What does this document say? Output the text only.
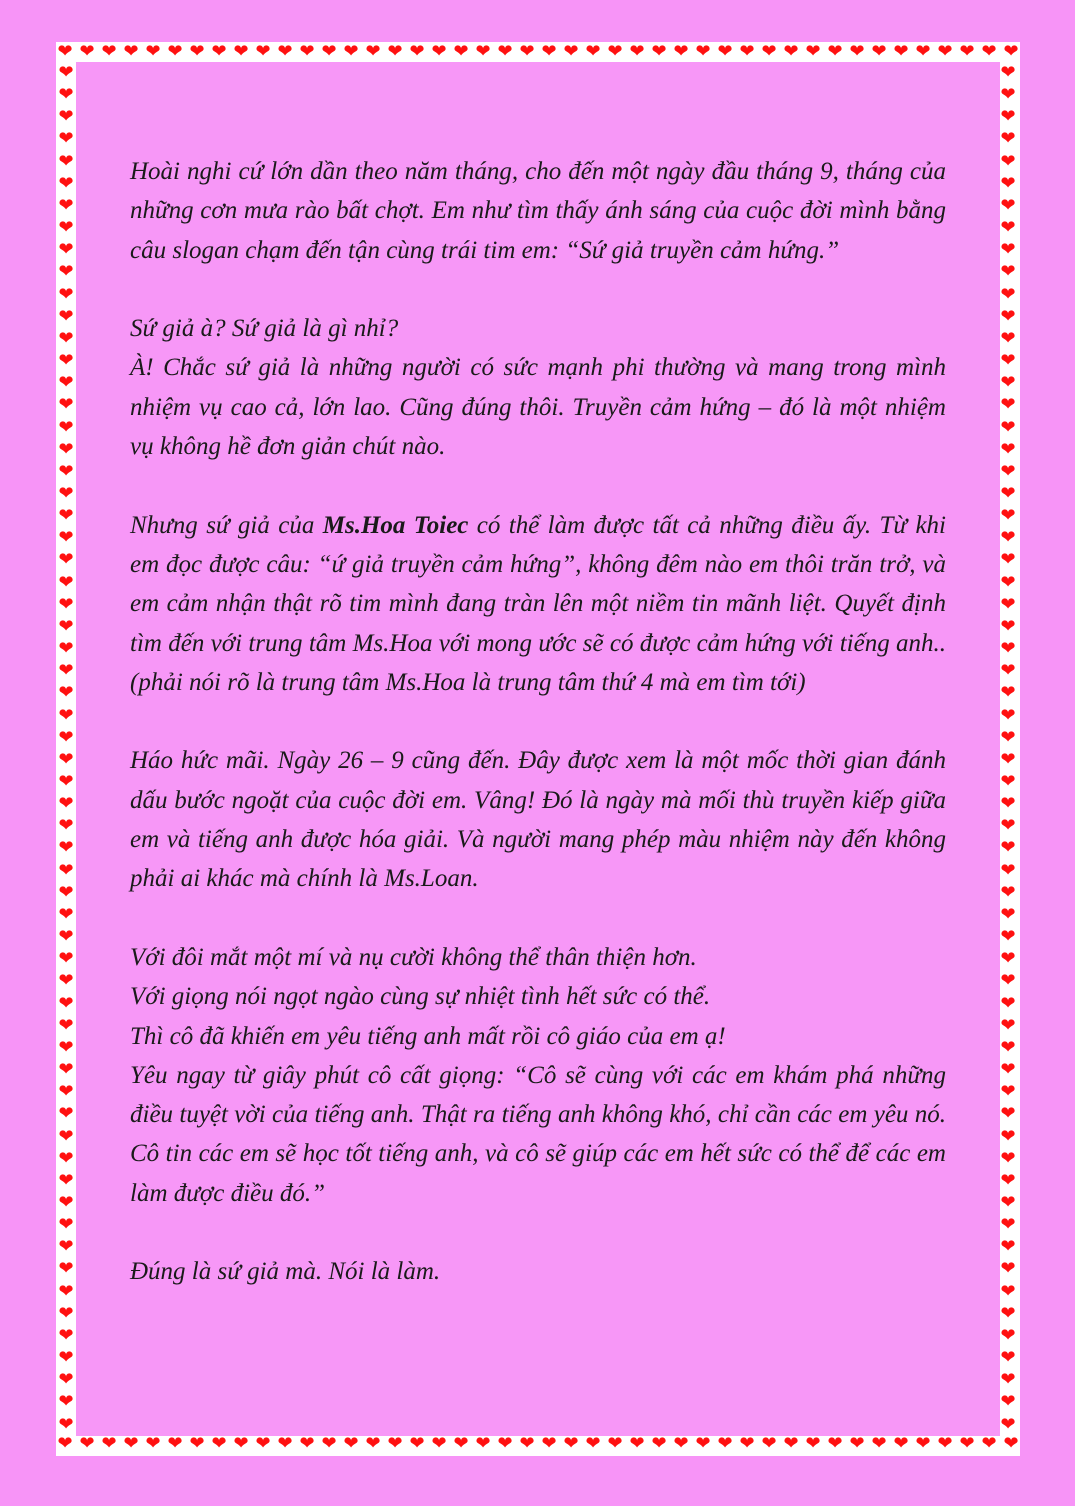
❤ ❤ ❤ ❤ ❤ ❤ ❤ ❤ ❤ ❤ ❤ ❤ ❤ ❤ ❤ ❤ ❤ ❤ ❤ ❤ ❤ ❤ ❤ ❤ ❤ ❤ ❤ ❤ ❤ ❤ ❤ ❤ ❤ ❤ ❤ ❤ ❤ ❤ ❤ ❤ ❤ ❤ ❤ ❤
❤ ❤ ❤ ❤ ❤ ❤ ❤ ❤ ❤ ❤ ❤ ❤ ❤ ❤ ❤ ❤ ❤ ❤ ❤ ❤ ❤ ❤ ❤ ❤ ❤ ❤ ❤ ❤ ❤ ❤ ❤ ❤ ❤ ❤ ❤ ❤ ❤ ❤ ❤ ❤ ❤ ❤ ❤ ❤
❤
❤
❤
❤
❤
❤
❤
❤
❤
❤
❤
❤
❤
❤
❤
❤
❤
❤
❤
❤
❤
❤
❤
❤
❤
❤
❤
❤
❤
❤
❤
❤
❤
❤
❤
❤
❤
❤
❤
❤
❤
❤
❤
❤
❤
❤
❤
❤
❤
❤
❤
❤
❤
❤
❤
❤
❤
❤
❤
❤
❤
❤
❤
❤
❤
❤
❤
❤
❤
❤
❤
❤
❤
❤
❤
❤
❤
❤
❤
❤
❤
❤
❤
❤
❤
❤
❤
❤
❤
❤
❤
❤
❤
❤
❤
❤
❤
❤
❤
❤
❤
❤
❤
❤
❤
❤
❤
❤
❤
❤
❤
❤
❤
❤
❤
❤
❤
❤
❤
❤
❤
❤
❤
❤

Hoài nghi cứ lớn dần theo năm tháng, cho đến một ngày đầu tháng 9, tháng của những cơn mưa rào bất chợt. Em như tìm thấy ánh sáng của cuộc đời mình bằng câu slogan chạm đến tận cùng trái tim em: “Sứ giả truyền cảm hứng.”

Sứ giả à? Sứ giả là gì nhỉ?
À! Chắc sứ giả là những người có sức mạnh phi thường và mang trong mình nhiệm vụ cao cả, lớn lao. Cũng đúng thôi. Truyền cảm hứng – đó là một nhiệm vụ không hề đơn giản chút nào.

Nhưng sứ giả của Ms.Hoa Toiec có thể làm được tất cả những điều ấy. Từ khi em đọc được câu: “ứ giả truyền cảm hứng”, không đêm nào em thôi trăn trở, và em cảm nhận thật rõ tim mình đang tràn lên một niềm tin mãnh liệt. Quyết định tìm đến với trung tâm Ms.Hoa với mong ước sẽ có được cảm hứng với tiếng anh..(phải nói rõ là trung tâm Ms.Hoa là trung tâm thứ 4 mà em tìm tới)

Háo hức mãi. Ngày 26 – 9 cũng đến. Đây được xem là một mốc thời gian đánh dấu bước ngoặt của cuộc đời em. Vâng! Đó là ngày mà mối thù truyền kiếp giữa em và tiếng anh được hóa giải. Và người mang phép màu nhiệm này đến không phải ai khác mà chính là Ms.Loan.

Với đôi mắt một mí và nụ cười không thể thân thiện hơn.
Với giọng nói ngọt ngào cùng sự nhiệt tình hết sức có thể.
Thì cô đã khiến em yêu tiếng anh mất rồi cô giáo của em ạ!
Yêu ngay từ giây phút cô cất giọng: “Cô sẽ cùng với các em khám phá những điều tuyệt vời của tiếng anh. Thật ra tiếng anh không khó, chỉ cần các em yêu nó. Cô tin các em sẽ học tốt tiếng anh, và cô sẽ giúp các em hết sức có thể để các em làm được điều đó.”

Đúng là sứ giả mà. Nói là làm.
